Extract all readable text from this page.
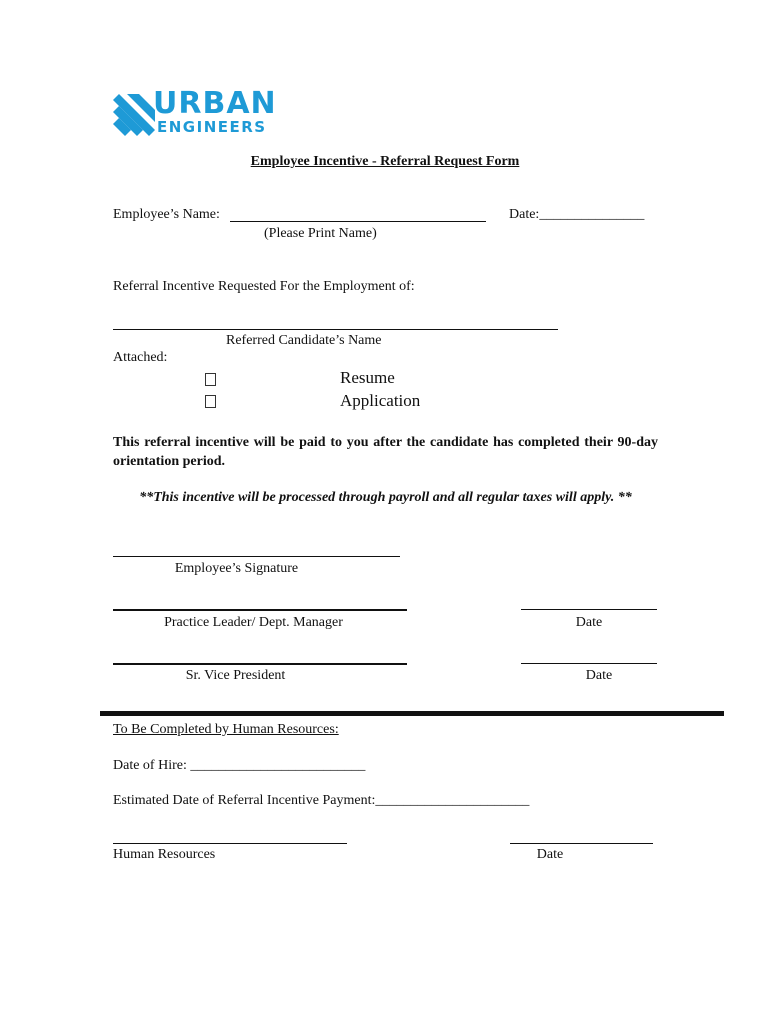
URBAN
ENGINEERS
Employee Incentive - Referral Request Form
Employee’s Name:	Date:_______________
(Please Print Name)
Referral Incentive Requested For the Employment of:
Referred Candidate’s Name
Attached:
Resume
Application
This referral incentive will be paid to you after the candidate has completed their 90-day orientation period.
**This incentive will be processed through payroll and all regular taxes will apply. **
Employee’s Signature
Practice Leader/ Dept. Manager	Date
Sr. Vice President	Date
To Be Completed by Human Resources:
Date of Hire: _________________________
Estimated Date of Referral Incentive Payment:______________________
Human Resources	Date
